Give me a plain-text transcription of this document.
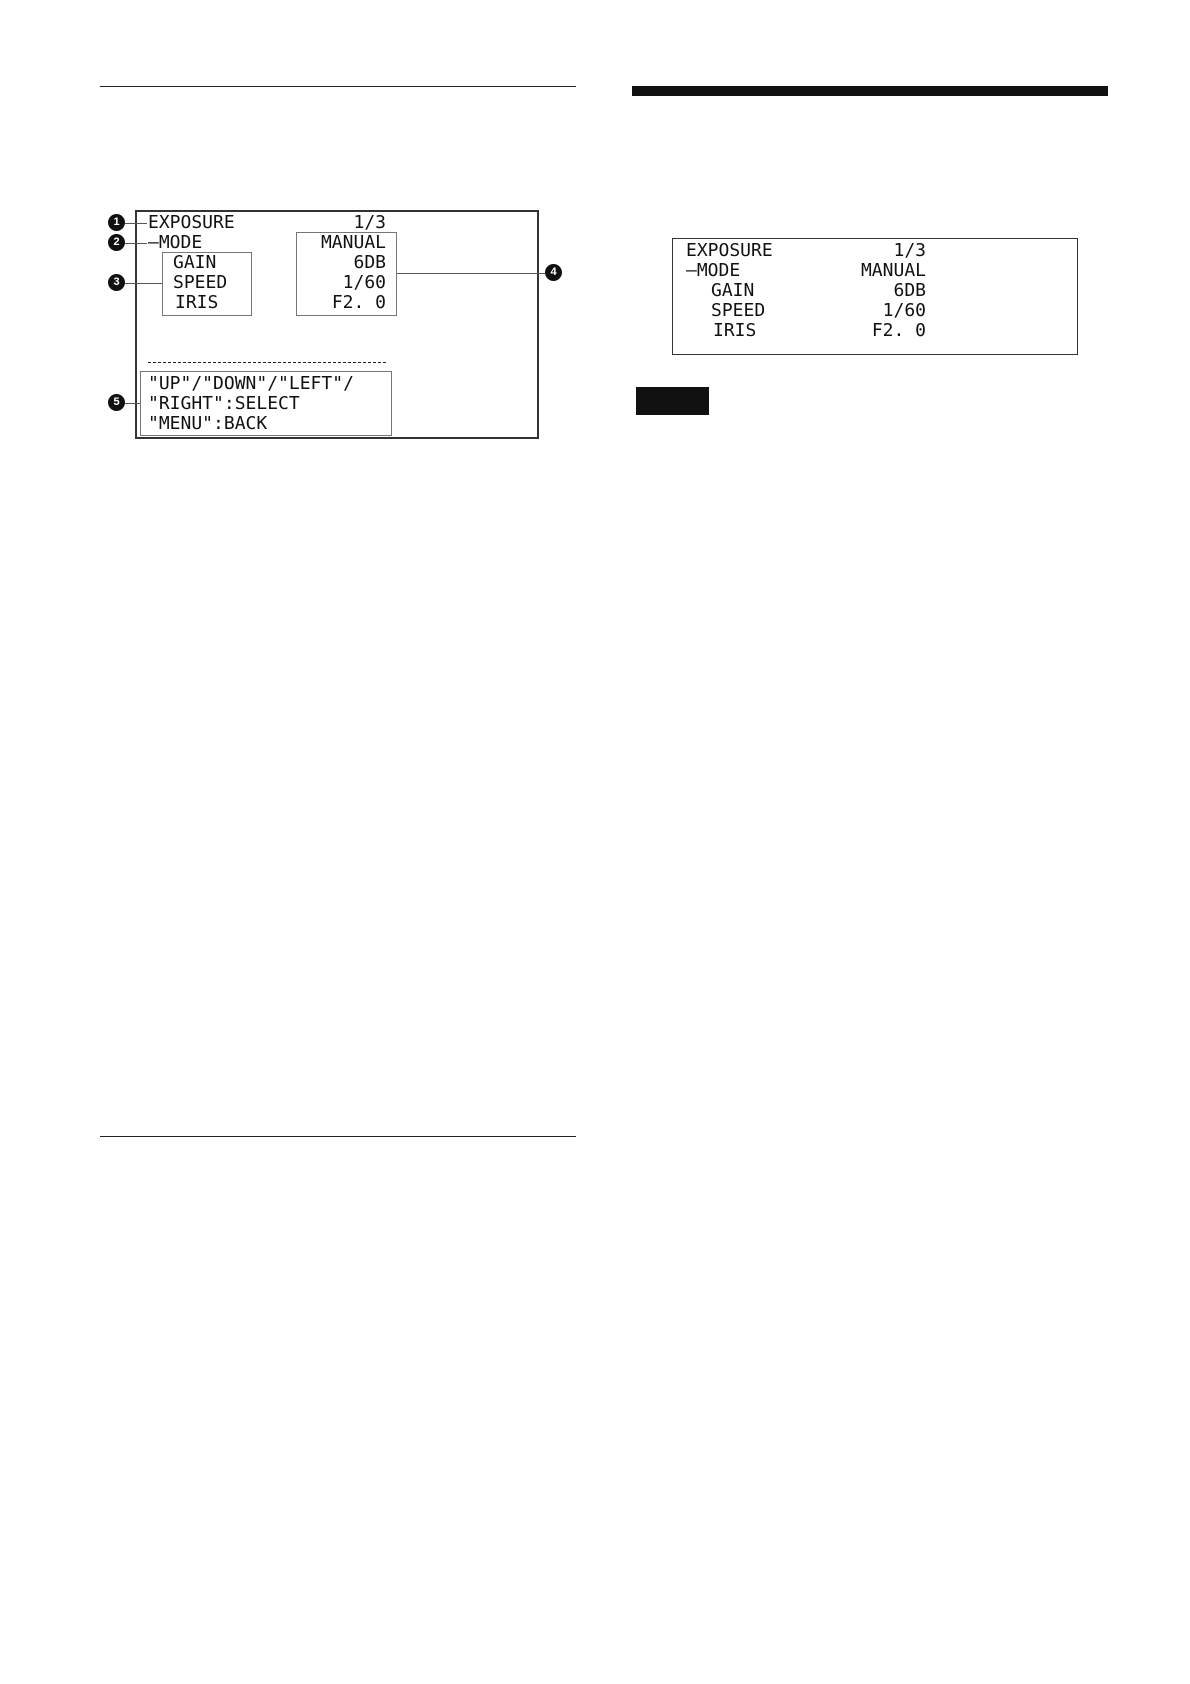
EXPOSURE	1/3
–MODE	MANUAL
GAIN	6DB
SPEED	1/60
IRIS	F2. 0
"UP"/"DOWN"/"LEFT"/
"RIGHT":SELECT
"MENU":BACK
1
2
3
4
5
EXPOSURE	1/3
–MODE	MANUAL
GAIN	6DB
SPEED	1/60
IRIS	F2. 0
